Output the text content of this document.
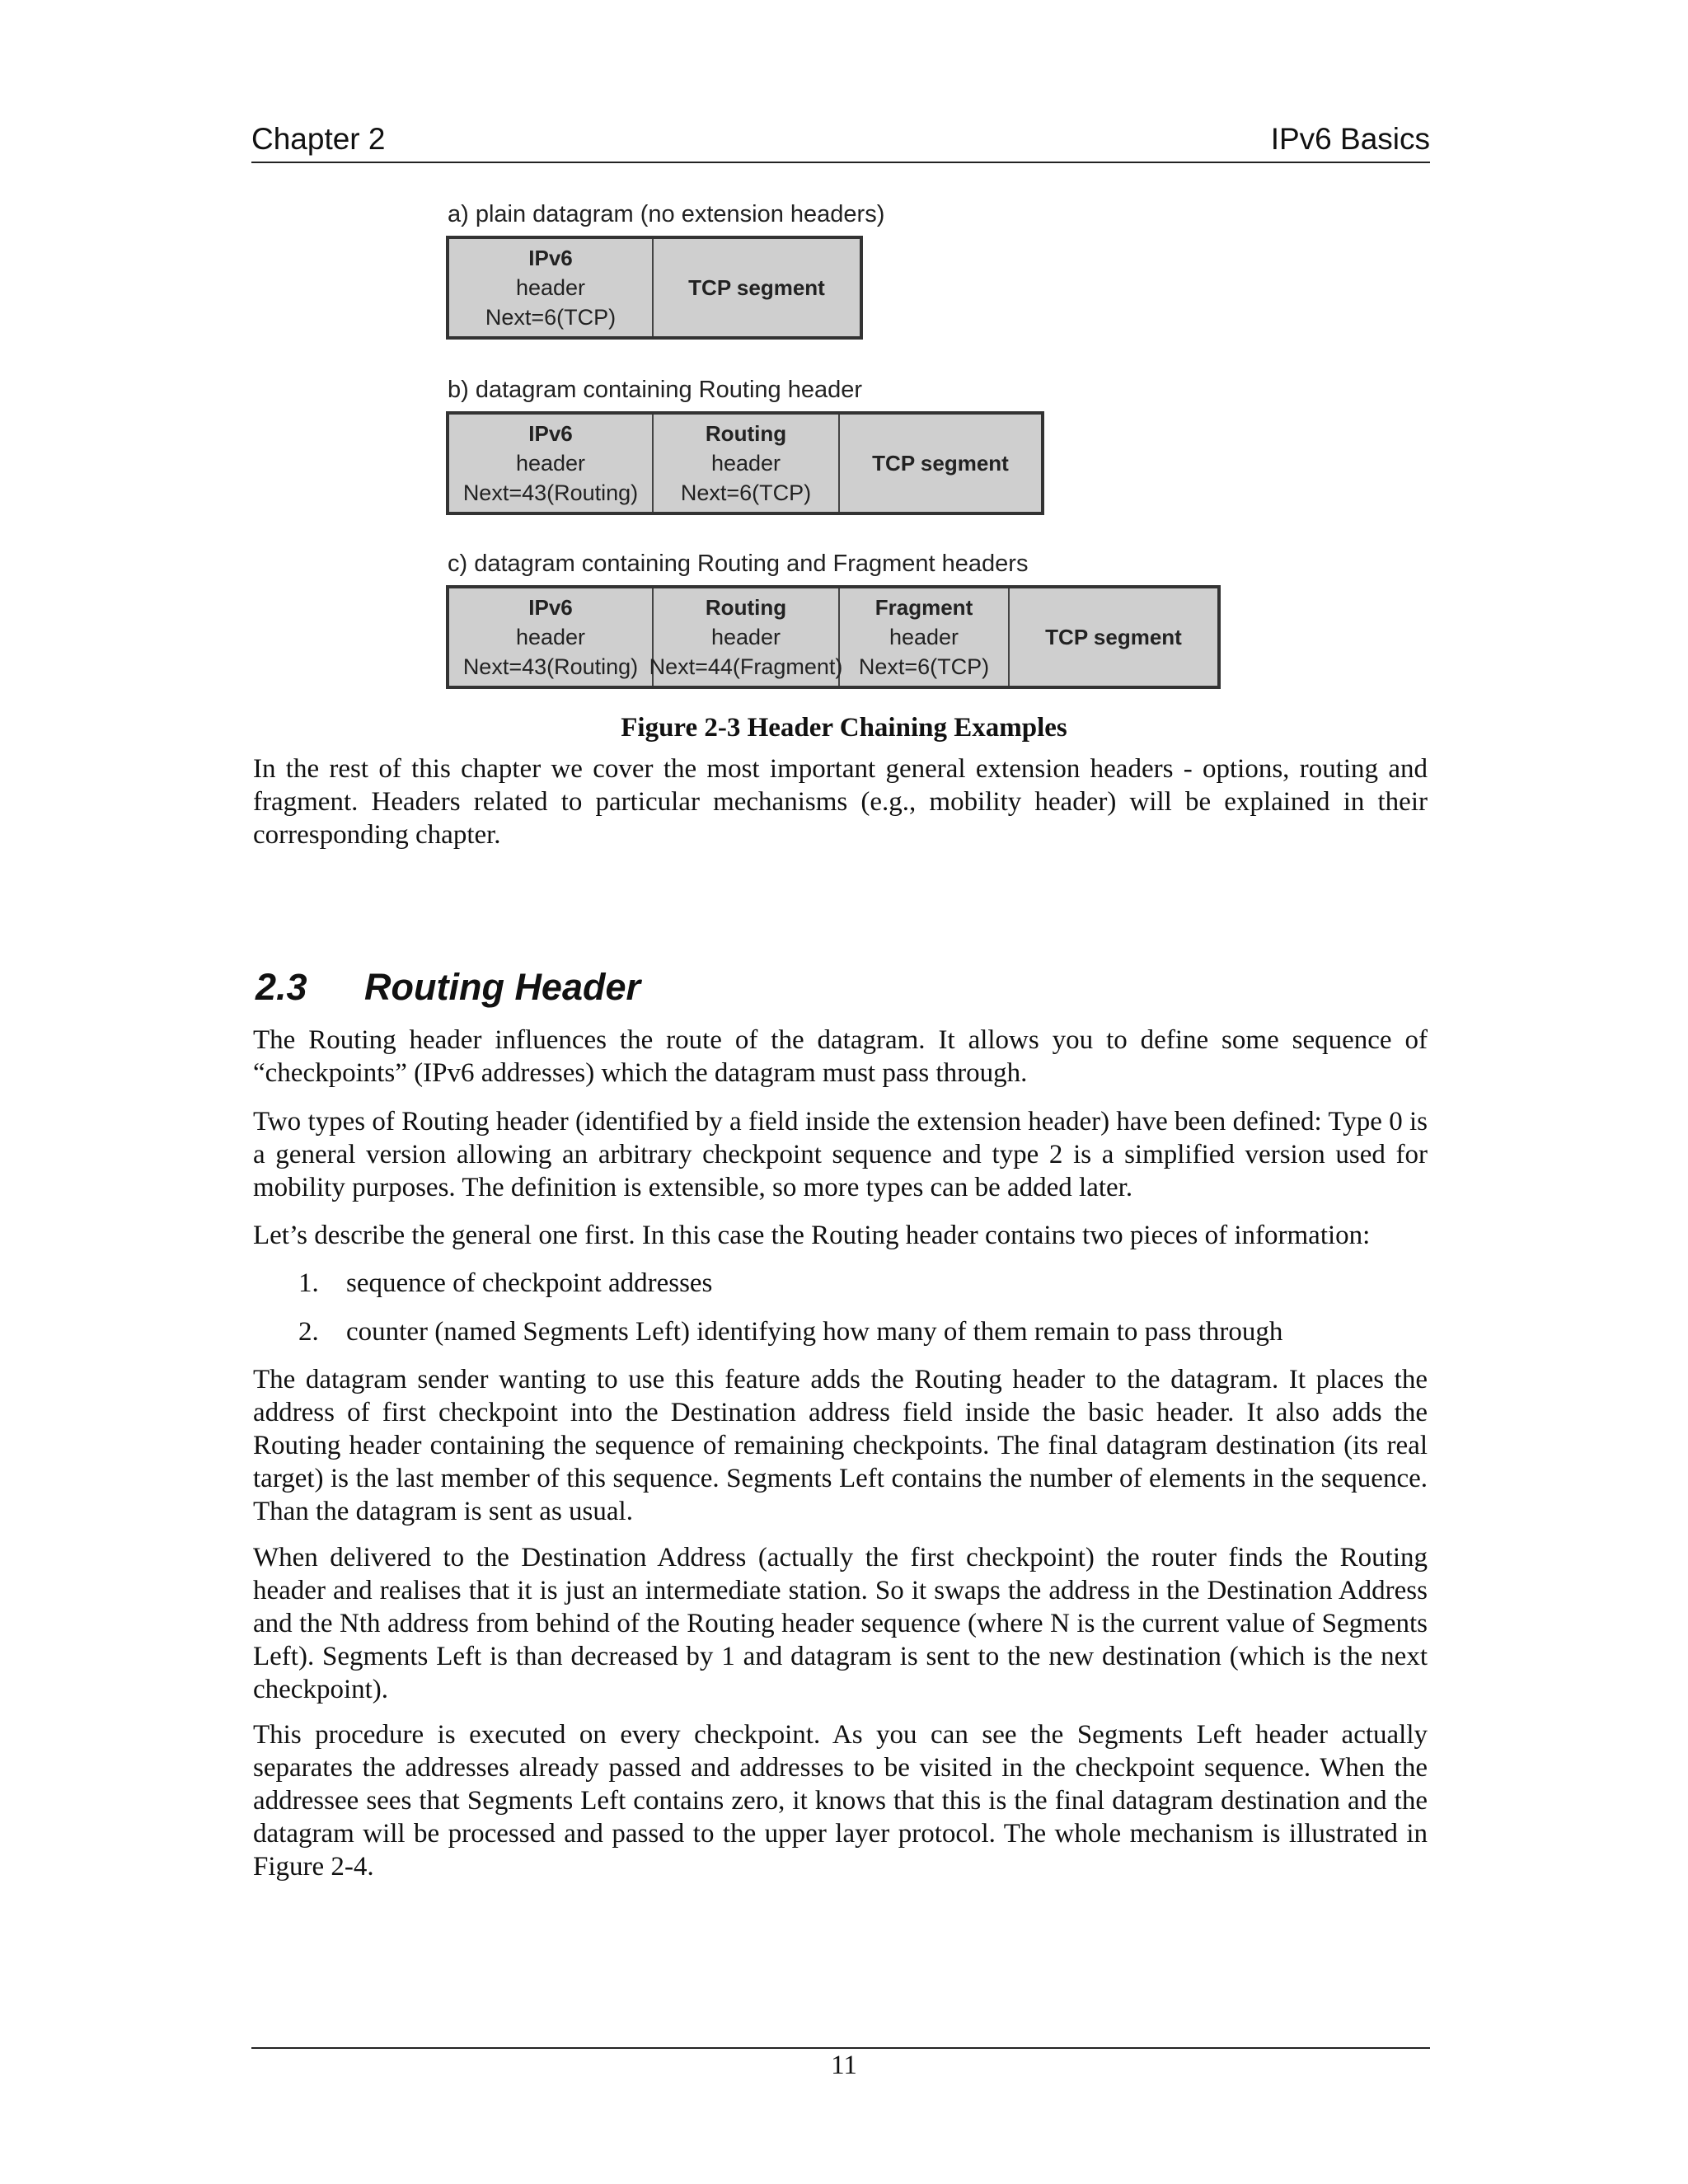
Chapter 2	IPv6 Basics
a) plain datagram (no extension headers)
IPv6
header
Next=6(TCP)
TCP segment
b) datagram containing Routing header
IPv6
header
Next=43(Routing)
Routing
header
Next=6(TCP)
TCP segment
c) datagram containing Routing and Fragment headers
IPv6
header
Next=43(Routing)
Routing
header
Next=44(Fragment)
Fragment
header
Next=6(TCP)
TCP segment
Figure 2-3 Header Chaining Examples

In the rest of this chapter we cover the most important general extension headers - options, routing and fragment. Headers related to particular mechanisms (e.g., mobility header) will be explained in their corresponding chapter.

2.3 Routing Header

The Routing header influences the route of the datagram. It allows you to define some sequence of “checkpoints” (IPv6 addresses) which the datagram must pass through.

Two types of Routing header (identified by a field inside the extension header) have been defined: Type 0 is a general version allowing an arbitrary checkpoint sequence and type 2 is a simplified version used for mobility purposes. The definition is extensible, so more types can be added later.

Let’s describe the general one first. In this case the Routing header contains two pieces of information:

1. sequence of checkpoint addresses
2. counter (named Segments Left) identifying how many of them remain to pass through

The datagram sender wanting to use this feature adds the Routing header to the datagram. It places the address of first checkpoint into the Destination address field inside the basic header. It also adds the Routing header containing the sequence of remaining checkpoints. The final datagram destination (its real target) is the last member of this sequence. Segments Left contains the number of elements in the sequence. Than the datagram is sent as usual.

When delivered to the Destination Address (actually the first checkpoint) the router finds the Routing header and realises that it is just an intermediate station. So it swaps the address in the Destination Address and the Nth address from behind of the Routing header sequence (where N is the current value of Segments Left). Segments Left is than decreased by 1 and datagram is sent to the new destination (which is the next checkpoint).

This procedure is executed on every checkpoint. As you can see the Segments Left header actually separates the addresses already passed and addresses to be visited in the checkpoint sequence. When the addressee sees that Segments Left contains zero, it knows that this is the final datagram destination and the datagram will be processed and passed to the upper layer protocol. The whole mechanism is illustrated in Figure 2-4.

11
